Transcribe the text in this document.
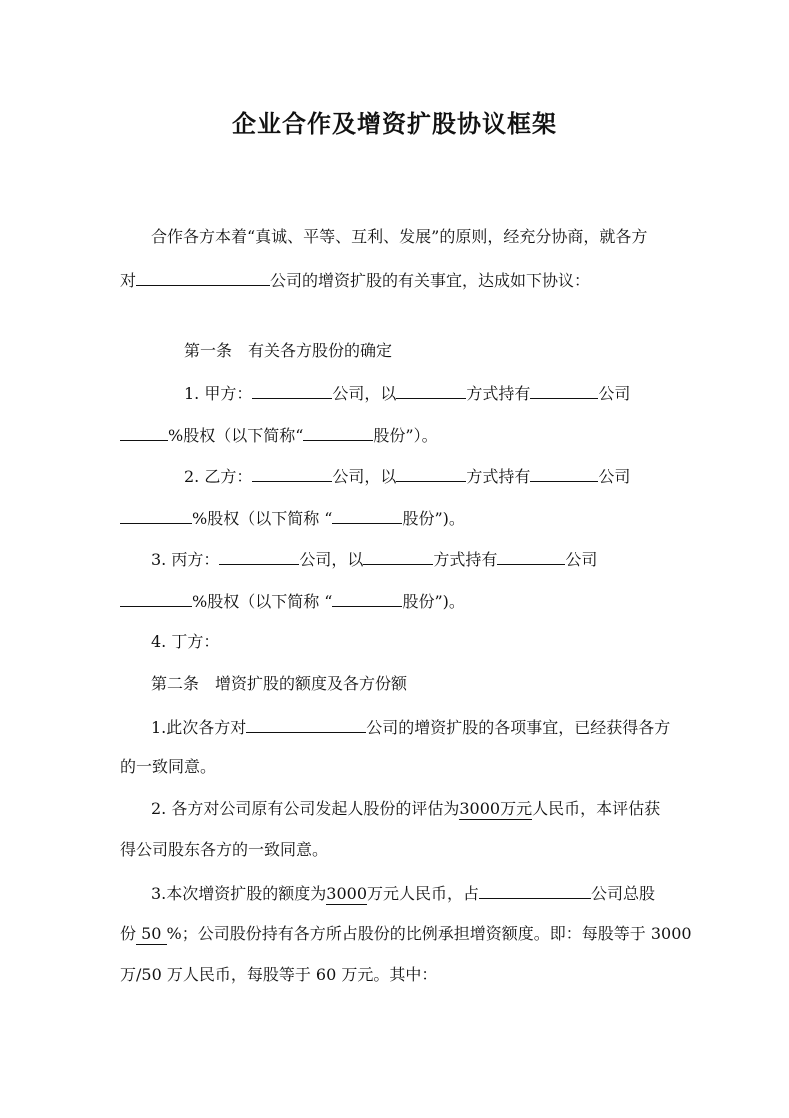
企业合作及增资扩股协议框架
合作各方本着“真诚、平等、互利、发展”的原则，经充分协商，就各方
对	公司的增资扩股的有关事宜，达成如下协议：
第一条　有关各方股份的确定
1. 甲方：	公司，以	方式持有	公司
%股权（以下简称“	股份”）。
2. 乙方：	公司，以	方式持有	公司
%股权（以下简称 “	股份”)。
3. 丙方：	公司，以	方式持有	公司
%股权（以下简称 “	股份”)。
4. 丁方：
第二条　增资扩股的额度及各方份额
1.此次各方对	公司的增资扩股的各项事宜，已经获得各方
的一致同意。
2. 各方对公司原有公司发起人股份的评估为3000万元人民币，本评估获
得公司股东各方的一致同意。
3.本次增资扩股的额度为3000万元人民币，占	公司总股
份 50 %；公司股份持有各方所占股份的比例承担增资额度。即：每股等于 3000
万/50 万人民币，每股等于 60 万元。其中：
